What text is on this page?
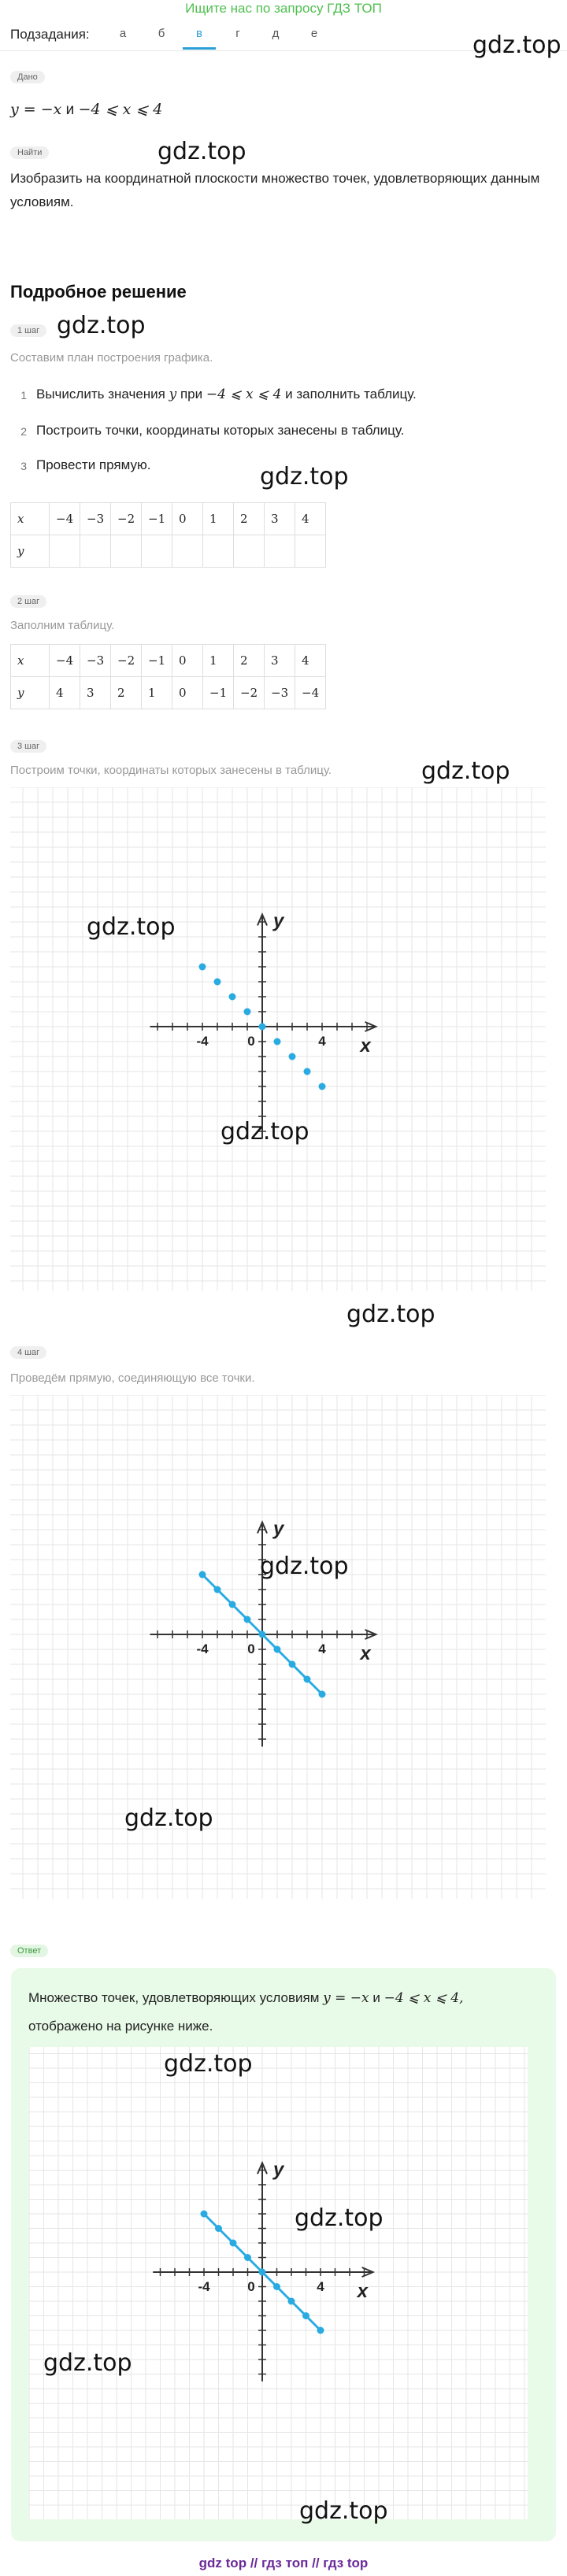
Ищите нас по запросу ГДЗ ТОП
Подзадания:	а	б	в	г	д	е
Дано
y = −x и −4 ⩽ x ⩽ 4
Найти
Изобразить на координатной плоскости множество точек, удовлетворяющих данным условиям.
Подробное решение
1 шаг
Составим план построения графика.
1 Вычислить значения y при −4 ⩽ x ⩽ 4 и заполнить таблицу.
2 Построить точки, координаты которых занесены в таблицу.
3 Провести прямую.
x	−4	−3	−2	−1	0	1	2	3	4
y									
2 шаг
Заполним таблицу.
x	−4	−3	−2	−1	0	1	2	3	4
y	4	3	2	1	0	−1	−2	−3	−4
3 шаг
Построим точки, координаты которых занесены в таблицу.
-4	0	4 x
y
4 шаг
Проведём прямую, соединяющую все точки.
-4	0	4 x
y
Ответ
Множество точек, удовлетворяющих условиям y = −x и −4 ⩽ x ⩽ 4,
отображено на рисунке ниже.
-4	0	4 x
y
gdz.top
gdz.top
gdz.top
gdz.top
gdz.top
gdz.top
gdz.top
gdz.top
gdz.top
gdz.top
gdz.top
gdz.top
gdz.top
gdz.top
gdz top // гдз топ // гдз top
